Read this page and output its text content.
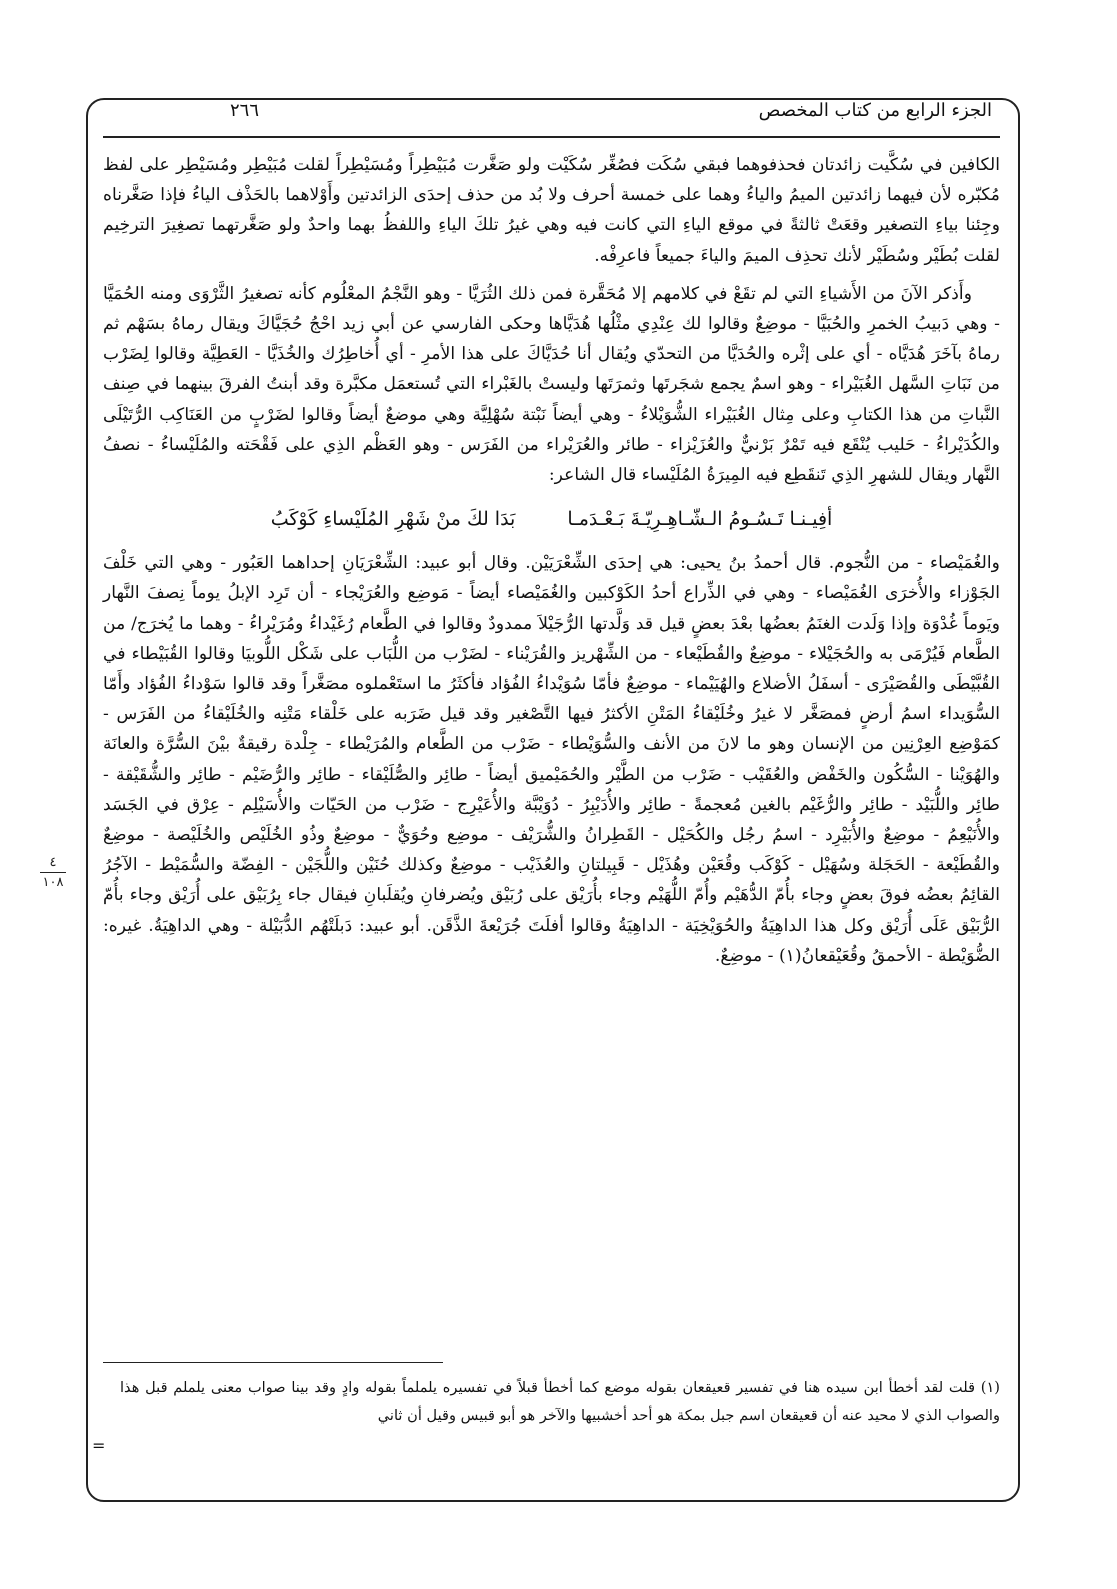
٢٦٦	الجزء الرابع من كتاب المخصص

الكافين في سُكَّيت زائدتان فحذفوهما فبقي سُكَت فصُغِّر سُكَيْت ولو صَغَّرت مُبَيْطِراً ومُسَيْطِراً لقلت مُبَيْطِر ومُسَيْطِر على لفظ مُكبّره لأن فيهما زائدتين الميمُ والياءُ وهما على خمسة أحرف ولا بُد من حذف إحدَى الزائدتين وأَوْلاهما بالحَذْف الياءُ فإذا صَغَّرناه وجِئنا بياءِ التصغير وقعَتْ ثالثةً في موقع الياءِ التي كانت فيه وهي غيرُ تلكَ الياءِ واللفظُ بهما واحدٌ ولو صَغَّرتهما تصغِيرَ الترخِيم لقلت بُطَيْر وسُطَيْر لأنك تحذِف الميمَ والياءَ جميعاً فاعرِفْه.

وأَذكر الآنَ من الأَشياءِ التي لم تقَعْ في كلامهم إلا مُحَقَّرة فمن ذلك الثُرَيَّا - وهو النَّجْمُ المعْلُوم كأنه تصغيرُ الثَّرْوَى ومنه الحُمَيَّا - وهي دَبيبُ الخمرِ والحُبَيَّا - موضِعٌ وقالوا لك عِنْدِي مثْلُها هُدَيَّاها وحكى الفارسي عن أبي زيد احْجُ حُجَيَّاكَ ويقال رماهُ بسَهْم ثم رماهُ بآخَرَ هُدَيَّاه - أي على إثْره والحُدَيَّا من التحدّي ويُقال أنا حُدَيَّاكَ على هذا الأمرِ - أي أُخاطِرُك والخُذَيَّا - العَطِيَّة وقالوا لِضَرْب من نَبَاتِ السَّهل الغُبَيْراء - وهو اسمٌ يجمع شجَرتَها وثمرَتَها وليستْ بالغَبْراء التي تُستعمَل مكبَّرة وقد أبنتُ الفرقَ بينهما في صِنف النَّباتِ من هذا الكتابِ وعلى مِثال الغُبَيْراء الشُّوَيْلاءُ - وهي أيضاً نَبْتة سُهْلِيَّة وهي موضعٌ أيضاً وقالوا لضَرْبٍ من العَنَاكِب الرُّتَيْلَى والكُدَيْراءُ - حَليب يُنْقَع فيه تَمْرٌ بَرْنيٌّ والعُزَيْزاء - طائر والعُرَيْراء من الفَرَس - وهو العَظْم الذِي على فَقْحَته والمُلَيْساءُ - نصفُ النَّهار ويقال للشهرِ الذِي تَنقَطِع فيه المِيرَةُ المُلَيْساء قال الشاعر:

أفِيـنـا تَـسُـومُ الـشّـاهِـرِيّـةَ بَـعْـدَمـا
بَدَا لكَ منْ شَهْرِ المُلَيْساءِ كَوْكَبُ

والغُمَيْصاء - من النُّجوم. قال أحمدُ بنُ يحيى: هي إحدَى الشِّعْرَيَيْن. وقال أبو عبيد: الشِّعْرَيَانِ إحداهما العَبُور - وهي التي خَلْفَ الجَوْزاء والأُخرَى الغُمَيْصاء - وهي في الذِّراع أحدُ الكَوْكبين والغُمَيْصاء أيضاً - مَوضِع والعُرَيْجاء - أن تَرِد الإبلُ يوماً نِصفَ النَّهار ويَوماً غُدْوَة وإذا وَلَدت الغنَمُ بعضُها بعْدَ بعضٍ قيل قد وَلَّدتها الرُّجَيْلاَ ممدودٌ وقالوا في الطَّعام رُغَيْداءُ ومُرَيْراءُ - وهما ما يُخرَج/ من الطَّعام فَيُرْمَى به والحُجَيْلاء - موضِعٌ والقُطَيْعاء - من الشِّهْريز والقُرَيْناء - لضَرْب من اللُّبَاب على شَكْل اللُّوبيَا وقالوا القُبَيْطاء في القُبَّيْطَى والقُصَيْرَى - أسفَلُ الأضلاع والهُيَيْماء - موضِعٌ فأمّا سُوَيْداءُ الفُؤاد فأكثَرُ ما استَعْملوه مصَغَّراً وقد قالوا سَوْداءُ الفُؤاد وأَمّا السُّوَيداء اسمُ أرضٍ فمصَغَّر لا غيرُ وخُلَيْقاءُ المَتْنِ الأكثرُ فيها التَّصْغير وقد قيل ضَرَبه على خَلْقاء مَتْنِه والخُلَيْقاءُ من الفَرَس - كمَوْضِع العِرْنِين من الإنسان وهو ما لانَ من الأنف والسُّوَيْطاء - ضَرْب من الطَّعام والمُرَيْطاء - جِلْدة رقيقةٌ بيْنَ السُّرَّة والعانَة والهُوَيْنا - السُّكُون والخَفْض والعُقَيْب - ضَرْب من الطَّيْر والحُمَيْميق أيضاً - طائِر والصُّلَيْقاء - طائِر والرُّضَيْم - طائِر والشُّقَيْقة - طائِر واللُّبَيْد - طائِر والرُّغَيْم بالغين مُعجمةً - طائِر والأُدَيْبِرُ - دُوَيْبَّة والأُعَيْرِج - ضَرْب من الحَيّات والأُسَيْلِم - عِرْق في الجَسَد والأُنَيْعِمُ - موضِعٌ والأُبَيْرِد - اسمُ رجُل والكُحَيْل - القَطِرانُ والشُّرَيْف - موضِع وحُوَيٌّ - موضِعٌ وذُو الخُلَيْص والخُلَيْصة - موضِعٌ والقُطَيْعة - الحَجَلة وسُهَيْل - كَوْكَب وقُعَيْن وهُذَيْل - قَبِيلتانِ والعُذَيْب - موضِعٌ وكذلك حُنَيْن واللُّجَيْن - الفِضّة والسُّمَيْط - الآجُرُ القائِمُ بعضُه فوقَ بعضٍ وجاء بأُمّ الدُّهَيْم وأُمّ اللُّهَيْم وجاء بأُرَيْق على رُبَيْق ويُضرفانِ ويُقلَبانِ فيقال جاء بِرُبَيْق على أُرَيْق وجاء بأُمّ الرُّبَيْق عَلَى أُرَيْق وكل هذا الداهِيَةُ والحُوَيْخِيَة - الداهِيَةُ وقالوا أفلَتَ جُرَيْعةَ الذَّقَن. أبو عبيد: دَبلَتْهُم الدُّبَيْلة - وهي الداهِيَةُ. غيره: الضُّوَيْطة - الأحمقُ وقُعَيْقعانُ(١) - موضِعٌ.

٤
١٠٨
(١) قلت لقد أخطأ ابن سيده هنا في تفسير قعيقعان بقوله موضع كما أخطأ قبلاً في تفسيره يلملماً بقوله وادٍ وقد بينا صواب معنى يلملم قبل هذا والصواب الذي لا محيد عنه أن قعيقعان اسم جبل بمكة هو أحد أخشبيها والآخر هو أبو قبيس وقيل أن ثاني
=
